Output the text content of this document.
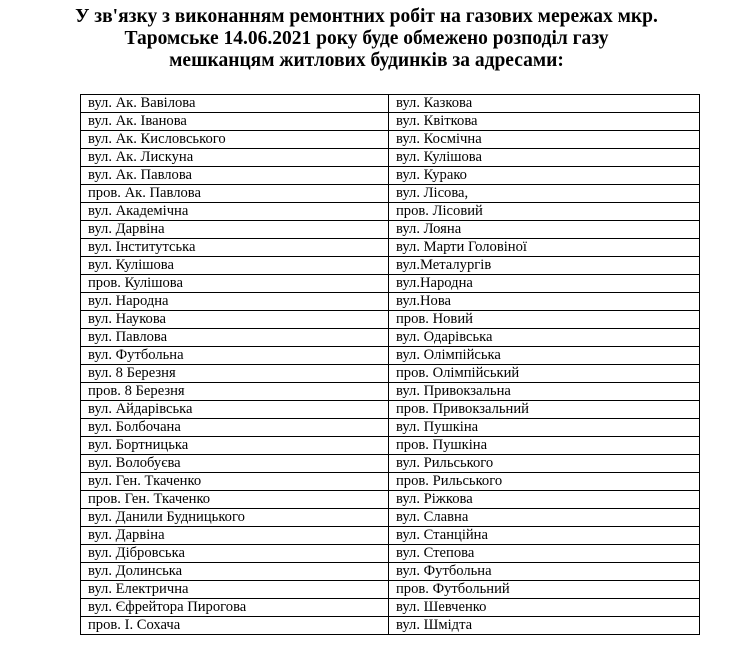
У зв'язку з виконанням ремонтних робіт на газових мережах мкр.
Таромське 14.06.2021 року буде обмежено розподіл газу
мешканцям житлових будинків за адресами:
вул. Ак. Вавілова	вул. Казкова
вул. Ак. Іванова	вул. Квіткова
вул. Ак. Кисловського	вул. Космічна
вул. Ак. Лискуна	вул. Кулішова
вул. Ак. Павлова	вул. Курако
пров. Ак. Павлова	вул. Лісова,
вул. Академічна	пров. Лісовий
вул. Дарвіна	вул. Лояна
вул. Інститутська	вул. Марти Головіної
вул. Кулішова	вул.Металургів
пров. Кулішова	вул.Народна
вул. Народна	вул.Нова
вул. Наукова	пров. Новий
вул. Павлова	вул. Одарівська
вул. Футбольна	вул. Олімпійська
вул. 8 Березня	пров. Олімпійський
пров. 8 Березня	вул. Привокзальна
вул. Айдарівська	пров. Привокзальний
вул. Болбочана	вул. Пушкіна
вул. Бортницька	пров. Пушкіна
вул. Волобуєва	вул. Рильського
вул. Ген. Ткаченко	пров. Рильського
пров. Ген. Ткаченко	вул. Ріжкова
вул. Данили Будницького	вул. Славна
вул. Дарвіна	вул. Станційна
вул. Дібровська	вул. Степова
вул. Долинська	вул. Футбольна
вул. Електрична	пров. Футбольний
вул. Єфрейтора Пирогова	вул. Шевченко
пров. І. Сохача	вул. Шмідта
